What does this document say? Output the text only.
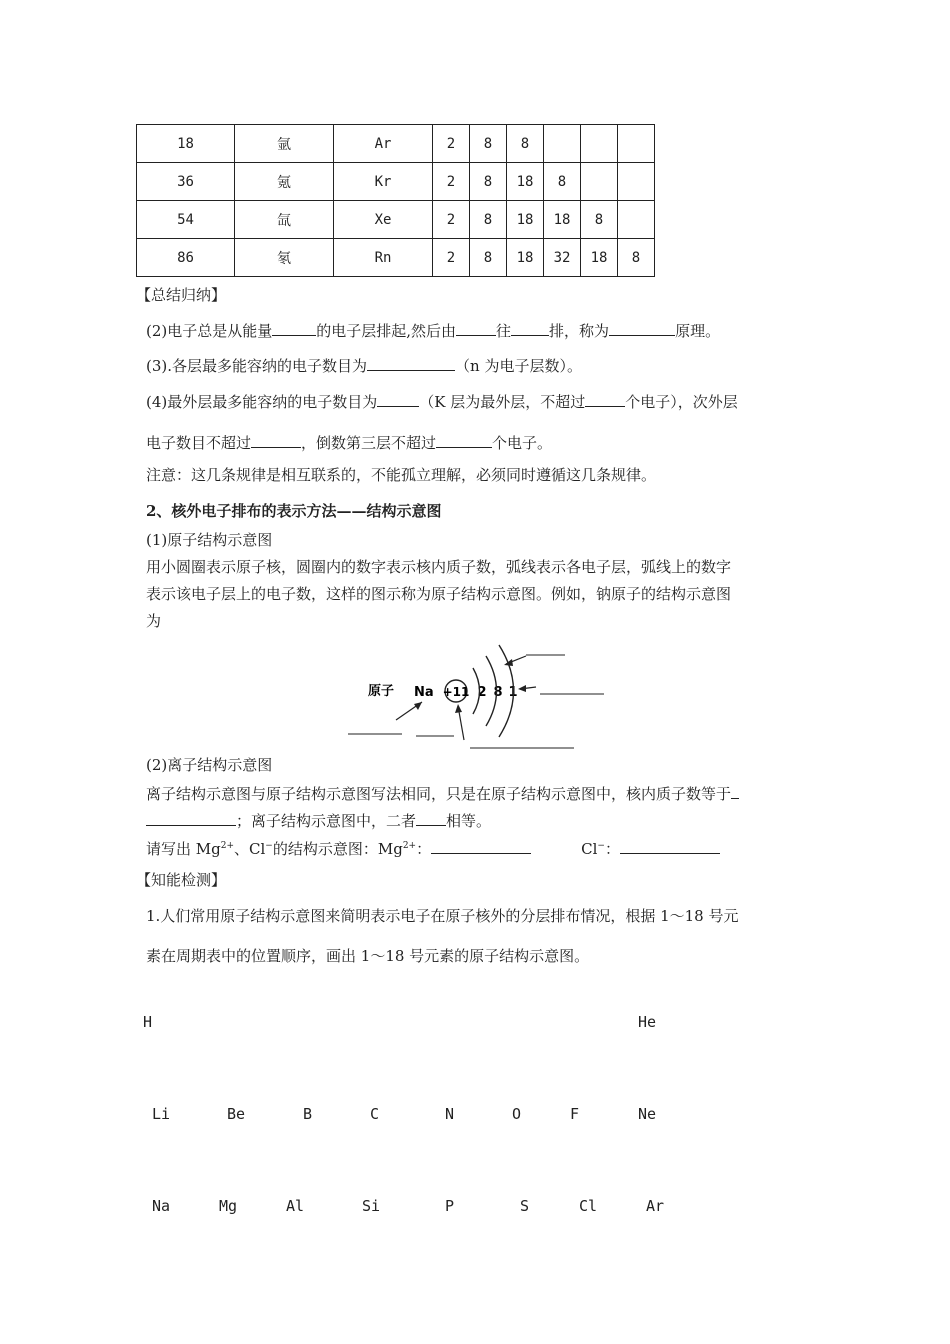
18	氩	Ar	2	8	8			
36	氪	Kr	2	8	18	8		
54	氙	Xe	2	8	18	18	8	
86	氡	Rn	2	8	18	32	18	8
【总结归纳】
(2)电子总是从能量	的电子层排起,然后由	往	排，称为	原理。
(3).各层最多能容纳的电子数目为	（n 为电子层数）。
(4)最外层最多能容纳的电子数目为	（K 层为最外层，不超过	个电子），次外层
电子数目不超过	，倒数第三层不超过	个电子。
注意：这几条规律是相互联系的，不能孤立理解，必须同时遵循这几条规律。
2、核外电子排布的表示方法——结构示意图
(1)原子结构示意图
用小圆圈表示原子核，圆圈内的数字表示核内质子数，弧线表示各电子层，弧线上的数字
表示该电子层上的电子数，这样的图示称为原子结构示意图。例如，钠原子的结构示意图
为
原子 Na +11 2 8 1
(2)离子结构示意图
离子结构示意图与原子结构示意图写法相同，只是在原子结构示意图中，核内质子数等于
；离子结构示意图中，二者 相等。
请写出 $Mg^{2+}$、Cl−的结构示意图：$Mg^{2+}$：	Cl−：
【知能检测】
1.人们常用原子结构示意图来简明表示电子在原子核外的分层排布情况，根据 1～18 号元
素在周期表中的位置顺序，画出 1～18 号元素的原子结构示意图。
H	He
Li	Be	B	C	N	O	F	Ne
Na	Mg	Al	Si	P	S	Cl	Ar
